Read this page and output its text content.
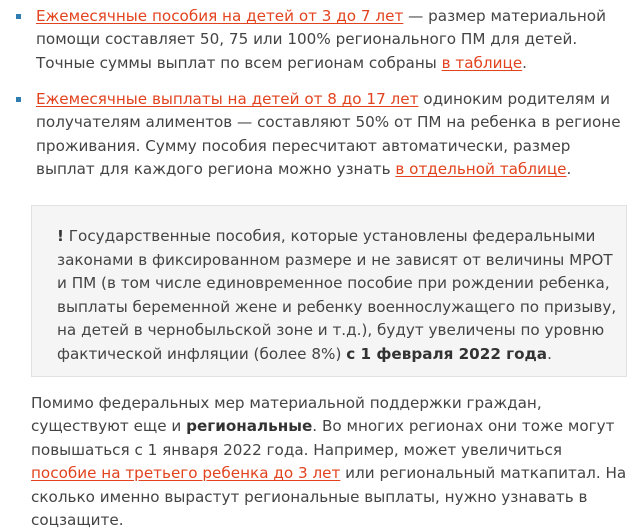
Ежемесячные пособия на детей от 3 до 7 лет — размер материальной помощи составляет 50, 75 или 100% регионального ПМ для детей. Точные суммы выплат по всем регионам собраны в таблице.
Ежемесячные выплаты на детей от 8 до 17 лет одиноким родителям и получателям алиментов — составляют 50% от ПМ на ребенка в регионе проживания. Сумму пособия пересчитают автоматически, размер выплат для каждого региона можно узнать в отдельной таблице.
! Государственные пособия, которые установлены федеральными законами в фиксированном размере и не зависят от величины МРОТ и ПМ (в том числе единовременное пособие при рождении ребенка, выплаты беременной жене и ребенку военнослужащего по призыву, на детей в чернобыльской зоне и т.д.), будут увеличены по уровню фактической инфляции (более 8%) с 1 февраля 2022 года.

Помимо федеральных мер материальной поддержки граждан, существуют еще и региональные. Во многих регионах они тоже могут повышаться с 1 января 2022 года. Например, может увеличиться пособие на третьего ребенка до 3 лет или региональный маткапитал. На сколько именно вырастут региональные выплаты, нужно узнавать в соцзащите.
